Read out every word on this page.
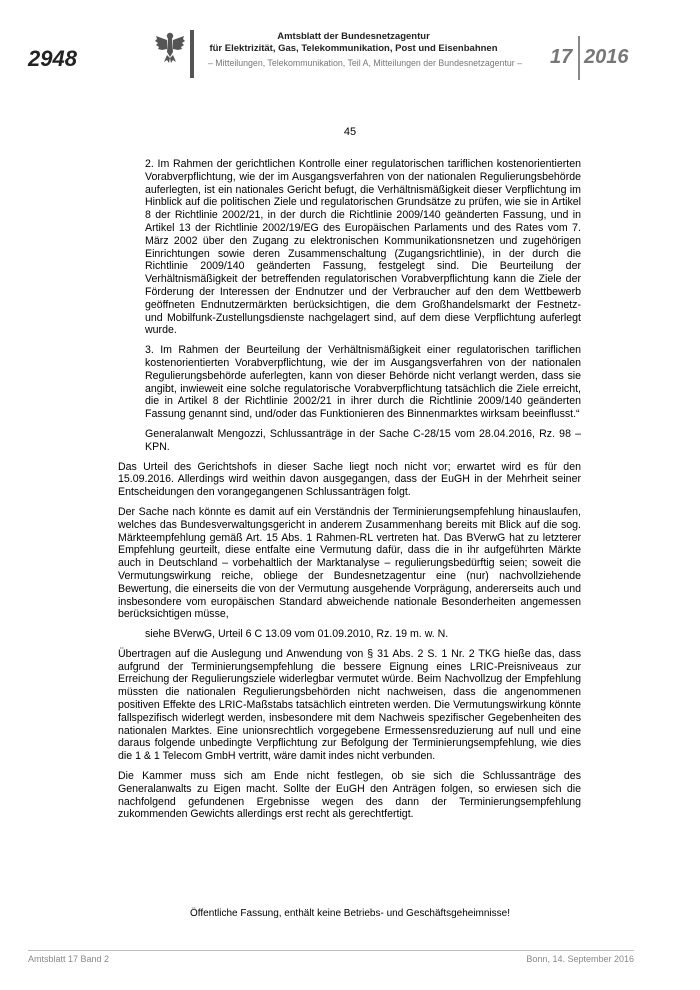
2948
Amtsblatt der Bundesnetzagentur
für Elektrizität, Gas, Telekommunikation, Post und Eisenbahnen
– Mitteilungen, Telekommunikation, Teil A, Mitteilungen der Bundesnetzagentur –	17 2016
45

2. Im Rahmen der gerichtlichen Kontrolle einer regulatorischen tariflichen kostenorientierten Vorabverpflichtung, wie der im Ausgangsverfahren von der nationalen Regulierungsbehörde auferlegten, ist ein nationales Gericht befugt, die Verhältnismäßigkeit dieser Verpflichtung im Hinblick auf die politischen Ziele und regulatorischen Grundsätze zu prüfen, wie sie in Artikel 8 der Richtlinie 2002/21, in der durch die Richtlinie 2009/140 geänderten Fassung, und in Artikel 13 der Richtlinie 2002/19/EG des Europäischen Parlaments und des Rates vom 7. März 2002 über den Zugang zu elektronischen Kommunikationsnetzen und zugehörigen Einrichtungen sowie deren Zusammenschaltung (Zugangsrichtlinie), in der durch die Richtlinie 2009/140 geänderten Fassung, festgelegt sind. Die Beurteilung der Verhältnismäßigkeit der betreffenden regulatorischen Vorabverpflichtung kann die Ziele der Förderung der Interessen der Endnutzer und der Verbraucher auf den dem Wettbewerb geöffneten Endnutzermärkten berücksichtigen, die dem Großhandelsmarkt der Festnetz- und Mobilfunk-Zustellungsdienste nachgelagert sind, auf dem diese Verpflichtung auferlegt wurde.

3. Im Rahmen der Beurteilung der Verhältnismäßigkeit einer regulatorischen tariflichen kostenorientierten Vorabverpflichtung, wie der im Ausgangsverfahren von der nationalen Regulierungsbehörde auferlegten, kann von dieser Behörde nicht verlangt werden, dass sie angibt, inwieweit eine solche regulatorische Vorabverpflichtung tatsächlich die Ziele erreicht, die in Artikel 8 der Richtlinie 2002/21 in ihrer durch die Richtlinie 2009/140 geänderten Fassung genannt sind, und/oder das Funktionieren des Binnenmarktes wirksam beeinflusst.“

Generalanwalt Mengozzi, Schlussanträge in der Sache C-28/15 vom 28.04.2016, Rz. 98 – KPN.

Das Urteil des Gerichtshofs in dieser Sache liegt noch nicht vor; erwartet wird es für den 15.09.2016. Allerdings wird weithin davon ausgegangen, dass der EuGH in der Mehrheit seiner Entscheidungen den vorangegangenen Schlussanträgen folgt.

Der Sache nach könnte es damit auf ein Verständnis der Terminierungsempfehlung hinauslaufen, welches das Bundesverwaltungsgericht in anderem Zusammenhang bereits mit Blick auf die sog. Märkteempfehlung gemäß Art. 15 Abs. 1 Rahmen-RL vertreten hat. Das BVerwG hat zu letzterer Empfehlung geurteilt, diese entfalte eine Vermutung dafür, dass die in ihr aufgeführten Märkte auch in Deutschland – vorbehaltlich der Marktanalyse – regulierungsbedürftig seien; soweit die Vermutungswirkung reiche, obliege der Bundesnetzagentur eine (nur) nachvollziehende Bewertung, die einerseits die von der Vermutung ausgehende Vorprägung, andererseits auch und insbesondere vom europäischen Standard abweichende nationale Besonderheiten angemessen berücksichtigen müsse,

siehe BVerwG, Urteil 6 C 13.09 vom 01.09.2010, Rz. 19 m. w. N.

Übertragen auf die Auslegung und Anwendung von § 31 Abs. 2 S. 1 Nr. 2 TKG hieße das, dass aufgrund der Terminierungsempfehlung die bessere Eignung eines LRIC-Preisniveaus zur Erreichung der Regulierungsziele widerlegbar vermutet würde. Beim Nachvollzug der Empfehlung müssten die nationalen Regulierungsbehörden nicht nachweisen, dass die angenommenen positiven Effekte des LRIC-Maßstabs tatsächlich eintreten werden. Die Vermutungswirkung könnte fallspezifisch widerlegt werden, insbesondere mit dem Nachweis spezifischer Gegebenheiten des nationalen Marktes. Eine unionsrechtlich vorgegebene Ermessensreduzierung auf null und eine daraus folgende unbedingte Verpflichtung zur Befolgung der Terminierungsempfehlung, wie dies die 1 & 1 Telecom GmbH vertritt, wäre damit indes nicht verbunden.

Die Kammer muss sich am Ende nicht festlegen, ob sie sich die Schlussanträge des Generalanwalts zu Eigen macht. Sollte der EuGH den Anträgen folgen, so erwiesen sich die nachfolgend gefundenen Ergebnisse wegen des dann der Terminierungsempfehlung zukommenden Gewichts allerdings erst recht als gerechtfertigt.

Öffentliche Fassung, enthält keine Betriebs- und Geschäftsgeheimnisse!
Amtsblatt 17 Band 2	Bonn, 14. September 2016
